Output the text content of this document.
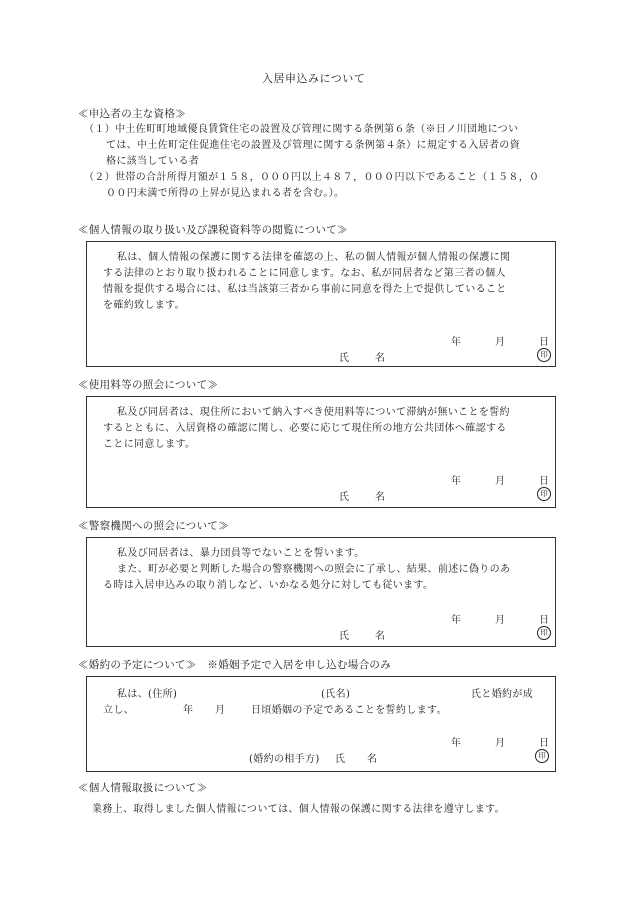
入居申込みについて
≪申込者の主な資格≫
（１）中土佐町町地域優良賃貸住宅の設置及び管理に関する条例第６条（※日ノ川団地につい
ては、中土佐町定住促進住宅の設置及び管理に関する条例第４条）に規定する入居者の資
格に該当している者
（２）世帯の合計所得月額が１５８，０００円以上４８７，０００円以下であること（１５８，０
００円未満で所得の上昇が見込まれる者を含む。）。
≪個人情報の取り扱い及び課税資料等の閲覧について≫
私は、個人情報の保護に関する法律を確認の上、私の個人情報が個人情報の保護に関
する法律のとおり取り扱われることに同意します。なお、私が同居者など第三者の個人
情報を提供する場合には、私は当該第三者から事前に同意を得た上で提供していること
を確約致します。
年	月	日
氏	名	印
≪使用料等の照会について≫
私及び同居者は、現住所において納入すべき使用料等について滞納が無いことを誓約
するとともに、入居資格の確認に関し、必要に応じて現住所の地方公共団体へ確認する
ことに同意します。
年	月	日
氏	名	印
≪警察機関への照会について≫
私及び同居者は、暴力団員等でないことを誓います。
また、町が必要と判断した場合の警察機関への照会に了承し、結果、前述に偽りのあ
る時は入居申込みの取り消しなど、いかなる処分に対しても従います。
年	月	日
氏	名	印
≪婚約の予定について≫　※婚姻予定で入居を申し込む場合のみ
私は、(住所)	(氏名)	氏と婚約が成
立し、	年 月	日頃婚姻の予定であることを誓約します。
年	月	日
(婚約の相手方) 氏 名	印
≪個人情報取扱について≫
業務上、取得しました個人情報については、個人情報の保護に関する法律を遵守します。
